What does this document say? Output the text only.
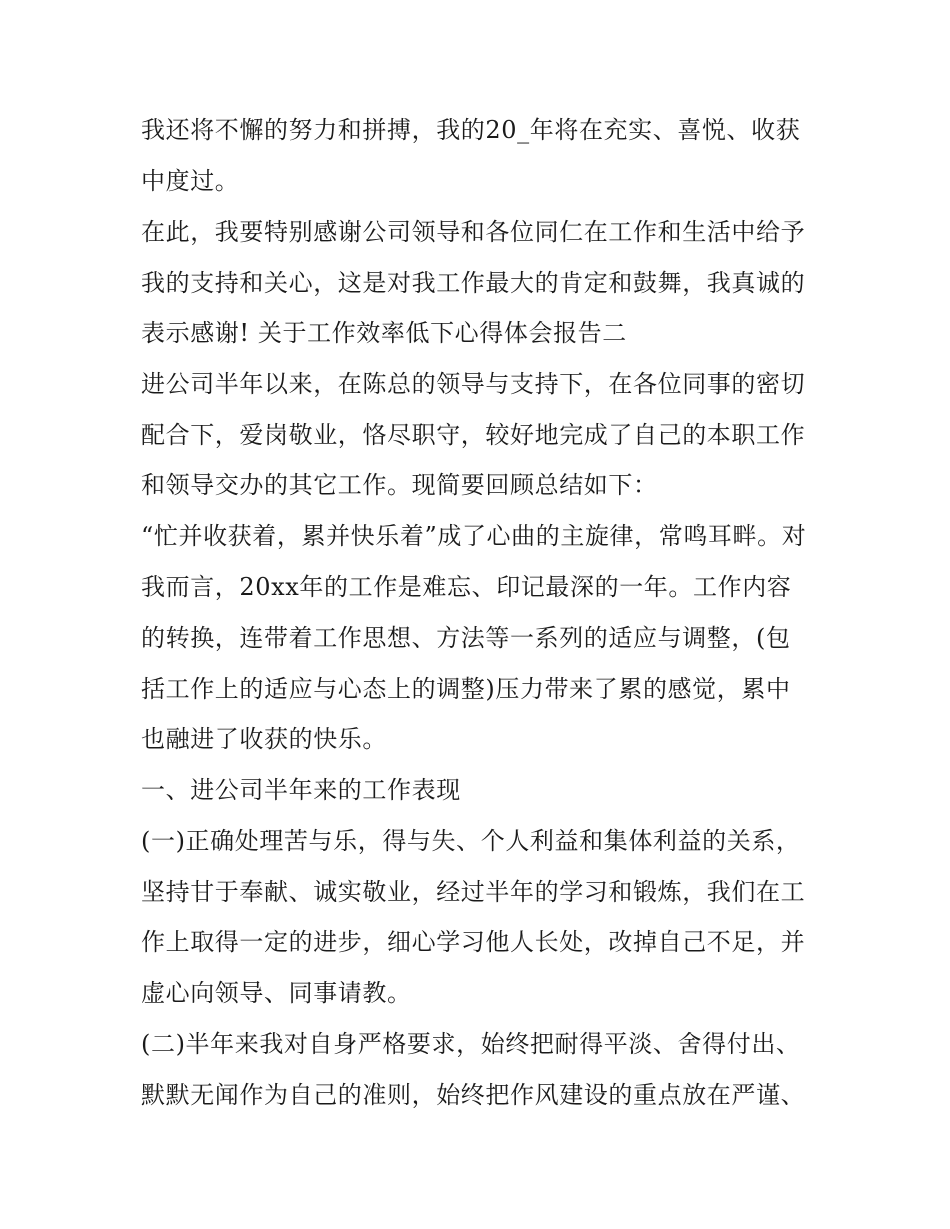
我还将不懈的努力和拼搏，我的20_年将在充实、喜悦、收获
中度过。
在此，我要特别感谢公司领导和各位同仁在工作和生活中给予
我的支持和关心，这是对我工作最大的肯定和鼓舞，我真诚的
表示感谢! 关于工作效率低下心得体会报告二
进公司半年以来，在陈总的领导与支持下，在各位同事的密切
配合下，爱岗敬业，恪尽职守，较好地完成了自己的本职工作
和领导交办的其它工作。现简要回顾总结如下：
“忙并收获着，累并快乐着”成了心曲的主旋律，常鸣耳畔。对
我而言，20xx年的工作是难忘、印记最深的一年。工作内容
的转换，连带着工作思想、方法等一系列的适应与调整，(包
括工作上的适应与心态上的调整)压力带来了累的感觉，累中
也融进了收获的快乐。
一、进公司半年来的工作表现
(一)正确处理苦与乐，得与失、个人利益和集体利益的关系，
坚持甘于奉献、诚实敬业，经过半年的学习和锻炼，我们在工
作上取得一定的进步，细心学习他人长处，改掉自己不足，并
虚心向领导、同事请教。
(二)半年来我对自身严格要求，始终把耐得平淡、舍得付出、
默默无闻作为自己的准则，始终把作风建设的重点放在严谨、
